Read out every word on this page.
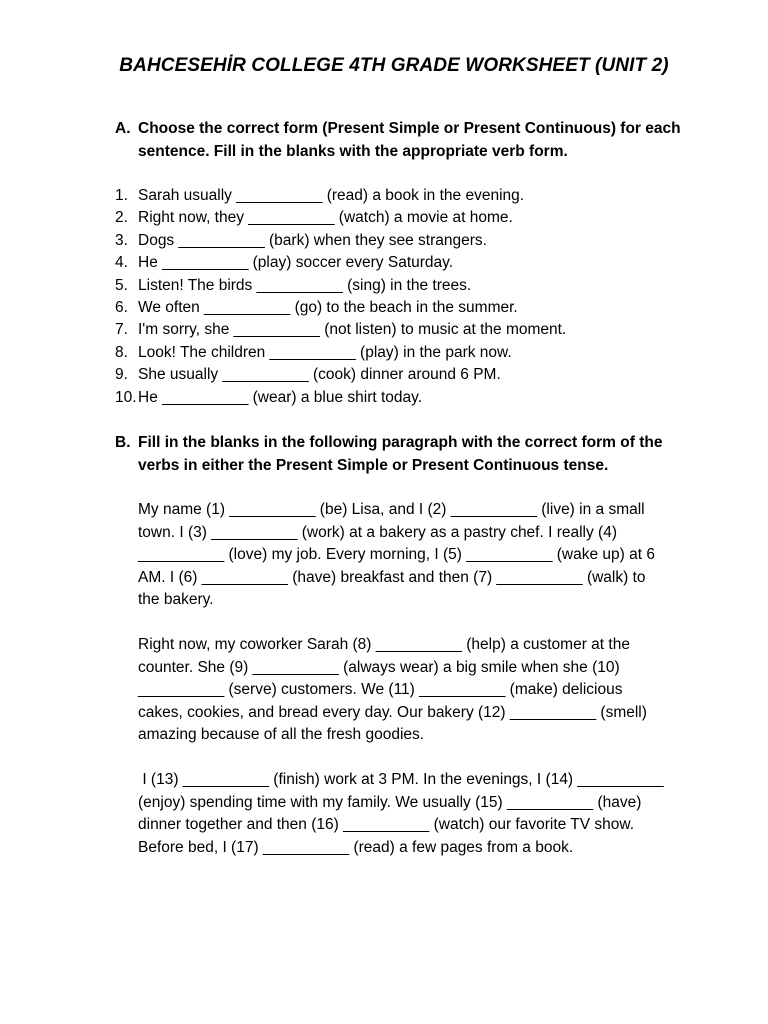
BAHCESEHİR COLLEGE 4TH GRADE WORKSHEET (UNIT 2)
A. Choose the correct form (Present Simple or Present Continuous) for each sentence. Fill in the blanks with the appropriate verb form.
1. Sarah usually __________ (read) a book in the evening.
2. Right now, they __________ (watch) a movie at home.
3. Dogs __________ (bark) when they see strangers.
4. He __________ (play) soccer every Saturday.
5. Listen! The birds __________ (sing) in the trees.
6. We often __________ (go) to the beach in the summer.
7. I'm sorry, she __________ (not listen) to music at the moment.
8. Look! The children __________ (play) in the park now.
9. She usually __________ (cook) dinner around 6 PM.
10. He __________ (wear) a blue shirt today.
B. Fill in the blanks in the following paragraph with the correct form of the verbs in either the Present Simple or Present Continuous tense.
My name (1) __________ (be) Lisa, and I (2) __________ (live) in a small town. I (3) __________ (work) at a bakery as a pastry chef. I really (4) __________ (love) my job. Every morning, I (5) __________ (wake up) at 6 AM. I (6) __________ (have) breakfast and then (7) __________ (walk) to the bakery.
Right now, my coworker Sarah (8) __________ (help) a customer at the counter. She (9) __________ (always wear) a big smile when she (10) __________ (serve) customers. We (11) __________ (make) delicious cakes, cookies, and bread every day. Our bakery (12) __________ (smell) amazing because of all the fresh goodies.
I (13) __________ (finish) work at 3 PM. In the evenings, I (14) __________ (enjoy) spending time with my family. We usually (15) __________ (have) dinner together and then (16) __________ (watch) our favorite TV show. Before bed, I (17) __________ (read) a few pages from a book.
